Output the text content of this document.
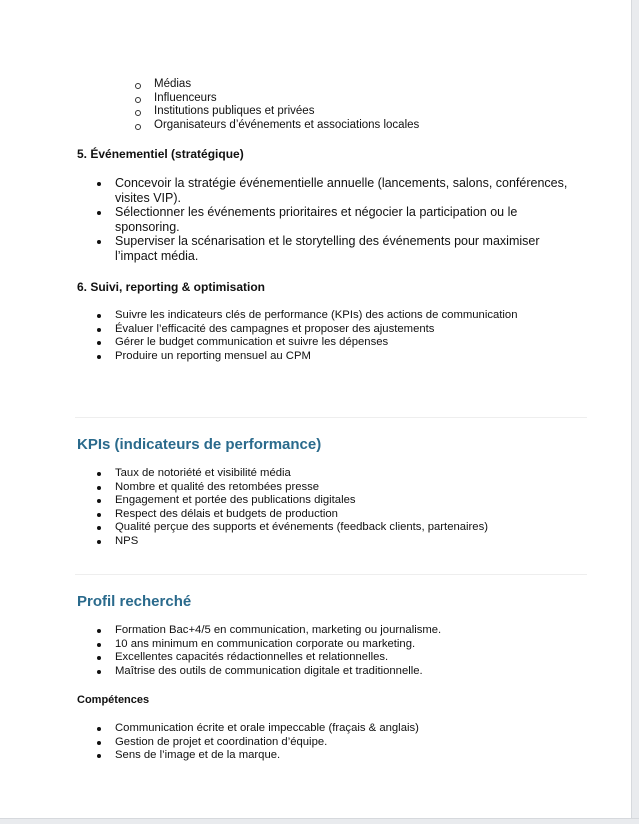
Médias
Influenceurs
Institutions publiques et privées
Organisateurs d’événements et associations locales
5. Événementiel (stratégique)
Concevoir la stratégie événementielle annuelle (lancements, salons, conférences,
visites VIP).
Sélectionner les événements prioritaires et négocier la participation ou le
sponsoring.
Superviser la scénarisation et le storytelling des événements pour maximiser
l’impact média.
6. Suivi, reporting & optimisation
Suivre les indicateurs clés de performance (KPIs) des actions de communication
Évaluer l’efficacité des campagnes et proposer des ajustements
Gérer le budget communication et suivre les dépenses
Produire un reporting mensuel au CPM
KPIs (indicateurs de performance)
Taux de notoriété et visibilité média
Nombre et qualité des retombées presse
Engagement et portée des publications digitales
Respect des délais et budgets de production
Qualité perçue des supports et événements (feedback clients, partenaires)
NPS
Profil recherché
Formation Bac+4/5 en communication, marketing ou journalisme.
10 ans minimum en communication corporate ou marketing.
Excellentes capacités rédactionnelles et relationnelles.
Maîtrise des outils de communication digitale et traditionnelle.
Compétences
Communication écrite et orale impeccable (fraçais & anglais)
Gestion de projet et coordination d’équipe.
Sens de l’image et de la marque.
